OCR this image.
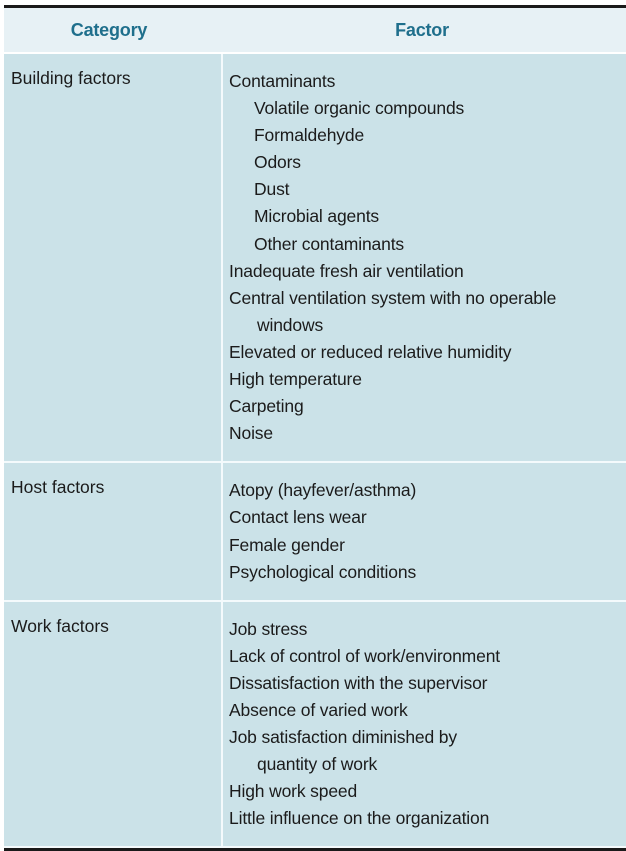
Category	Factor
Building factors	Contaminants
Volatile organic compounds
Formaldehyde
Odors
Dust
Microbial agents
Other contaminants
Inadequate fresh air ventilation
Central ventilation system with no operable
windows
Elevated or reduced relative humidity
High temperature
Carpeting
Noise
Host factors	Atopy (hayfever/asthma)
Contact lens wear
Female gender
Psychological conditions
Work factors	Job stress
Lack of control of work/environment
Dissatisfaction with the supervisor
Absence of varied work
Job satisfaction diminished by
quantity of work
High work speed
Little influence on the organization
